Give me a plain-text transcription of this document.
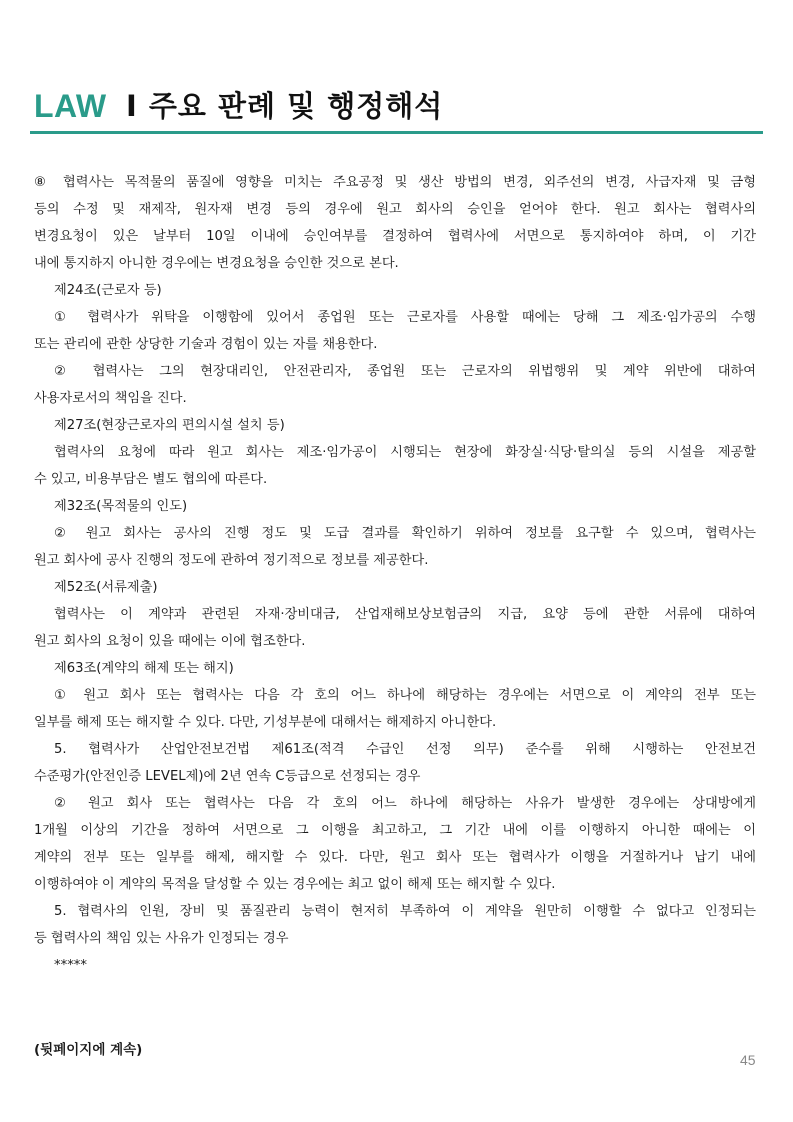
LAW I 주요 판례 및 행정해석
⑧ 협력사는 목적물의 품질에 영향을 미치는 주요공정 및 생산 방법의 변경, 외주선의 변경, 사급자재 및 금형
등의 수정 및 재제작, 원자재 변경 등의 경우에 원고 회사의 승인을 얻어야 한다. 원고 회사는 협력사의
변경요청이 있은 날부터 10일 이내에 승인여부를 결정하여 협력사에 서면으로 통지하여야 하며, 이 기간
내에 통지하지 아니한 경우에는 변경요청을 승인한 것으로 본다.
제24조(근로자 등)
① 협력사가 위탁을 이행함에 있어서 종업원 또는 근로자를 사용할 때에는 당해 그 제조·임가공의 수행
또는 관리에 관한 상당한 기술과 경험이 있는 자를 채용한다.
② 협력사는 그의 현장대리인, 안전관리자, 종업원 또는 근로자의 위법행위 및 계약 위반에 대하여
사용자로서의 책임을 진다.
제27조(현장근로자의 편의시설 설치 등)
협력사의 요청에 따라 원고 회사는 제조·임가공이 시행되는 현장에 화장실·식당·탈의실 등의 시설을 제공할
수 있고, 비용부담은 별도 협의에 따른다.
제32조(목적물의 인도)
② 원고 회사는 공사의 진행 정도 및 도급 결과를 확인하기 위하여 정보를 요구할 수 있으며, 협력사는
원고 회사에 공사 진행의 정도에 관하여 정기적으로 정보를 제공한다.
제52조(서류제출)
협력사는 이 계약과 관련된 자재·장비대금, 산업재해보상보험금의 지급, 요양 등에 관한 서류에 대하여
원고 회사의 요청이 있을 때에는 이에 협조한다.
제63조(계약의 해제 또는 해지)
① 원고 회사 또는 협력사는 다음 각 호의 어느 하나에 해당하는 경우에는 서면으로 이 계약의 전부 또는
일부를 해제 또는 해지할 수 있다. 다만, 기성부분에 대해서는 해제하지 아니한다.
5. 협력사가 산업안전보건법 제61조(적격 수급인 선정 의무) 준수를 위해 시행하는 안전보건
수준평가(안전인증 LEVEL제)에 2년 연속 C등급으로 선정되는 경우
② 원고 회사 또는 협력사는 다음 각 호의 어느 하나에 해당하는 사유가 발생한 경우에는 상대방에게
1개월 이상의 기간을 정하여 서면으로 그 이행을 최고하고, 그 기간 내에 이를 이행하지 아니한 때에는 이
계약의 전부 또는 일부를 해제, 해지할 수 있다. 다만, 원고 회사 또는 협력사가 이행을 거절하거나 납기 내에
이행하여야 이 계약의 목적을 달성할 수 있는 경우에는 최고 없이 해제 또는 해지할 수 있다.
5. 협력사의 인원, 장비 및 품질관리 능력이 현저히 부족하여 이 계약을 원만히 이행할 수 없다고 인정되는
등 협력사의 책임 있는 사유가 인정되는 경우
*****
(뒷페이지에 계속)
45
